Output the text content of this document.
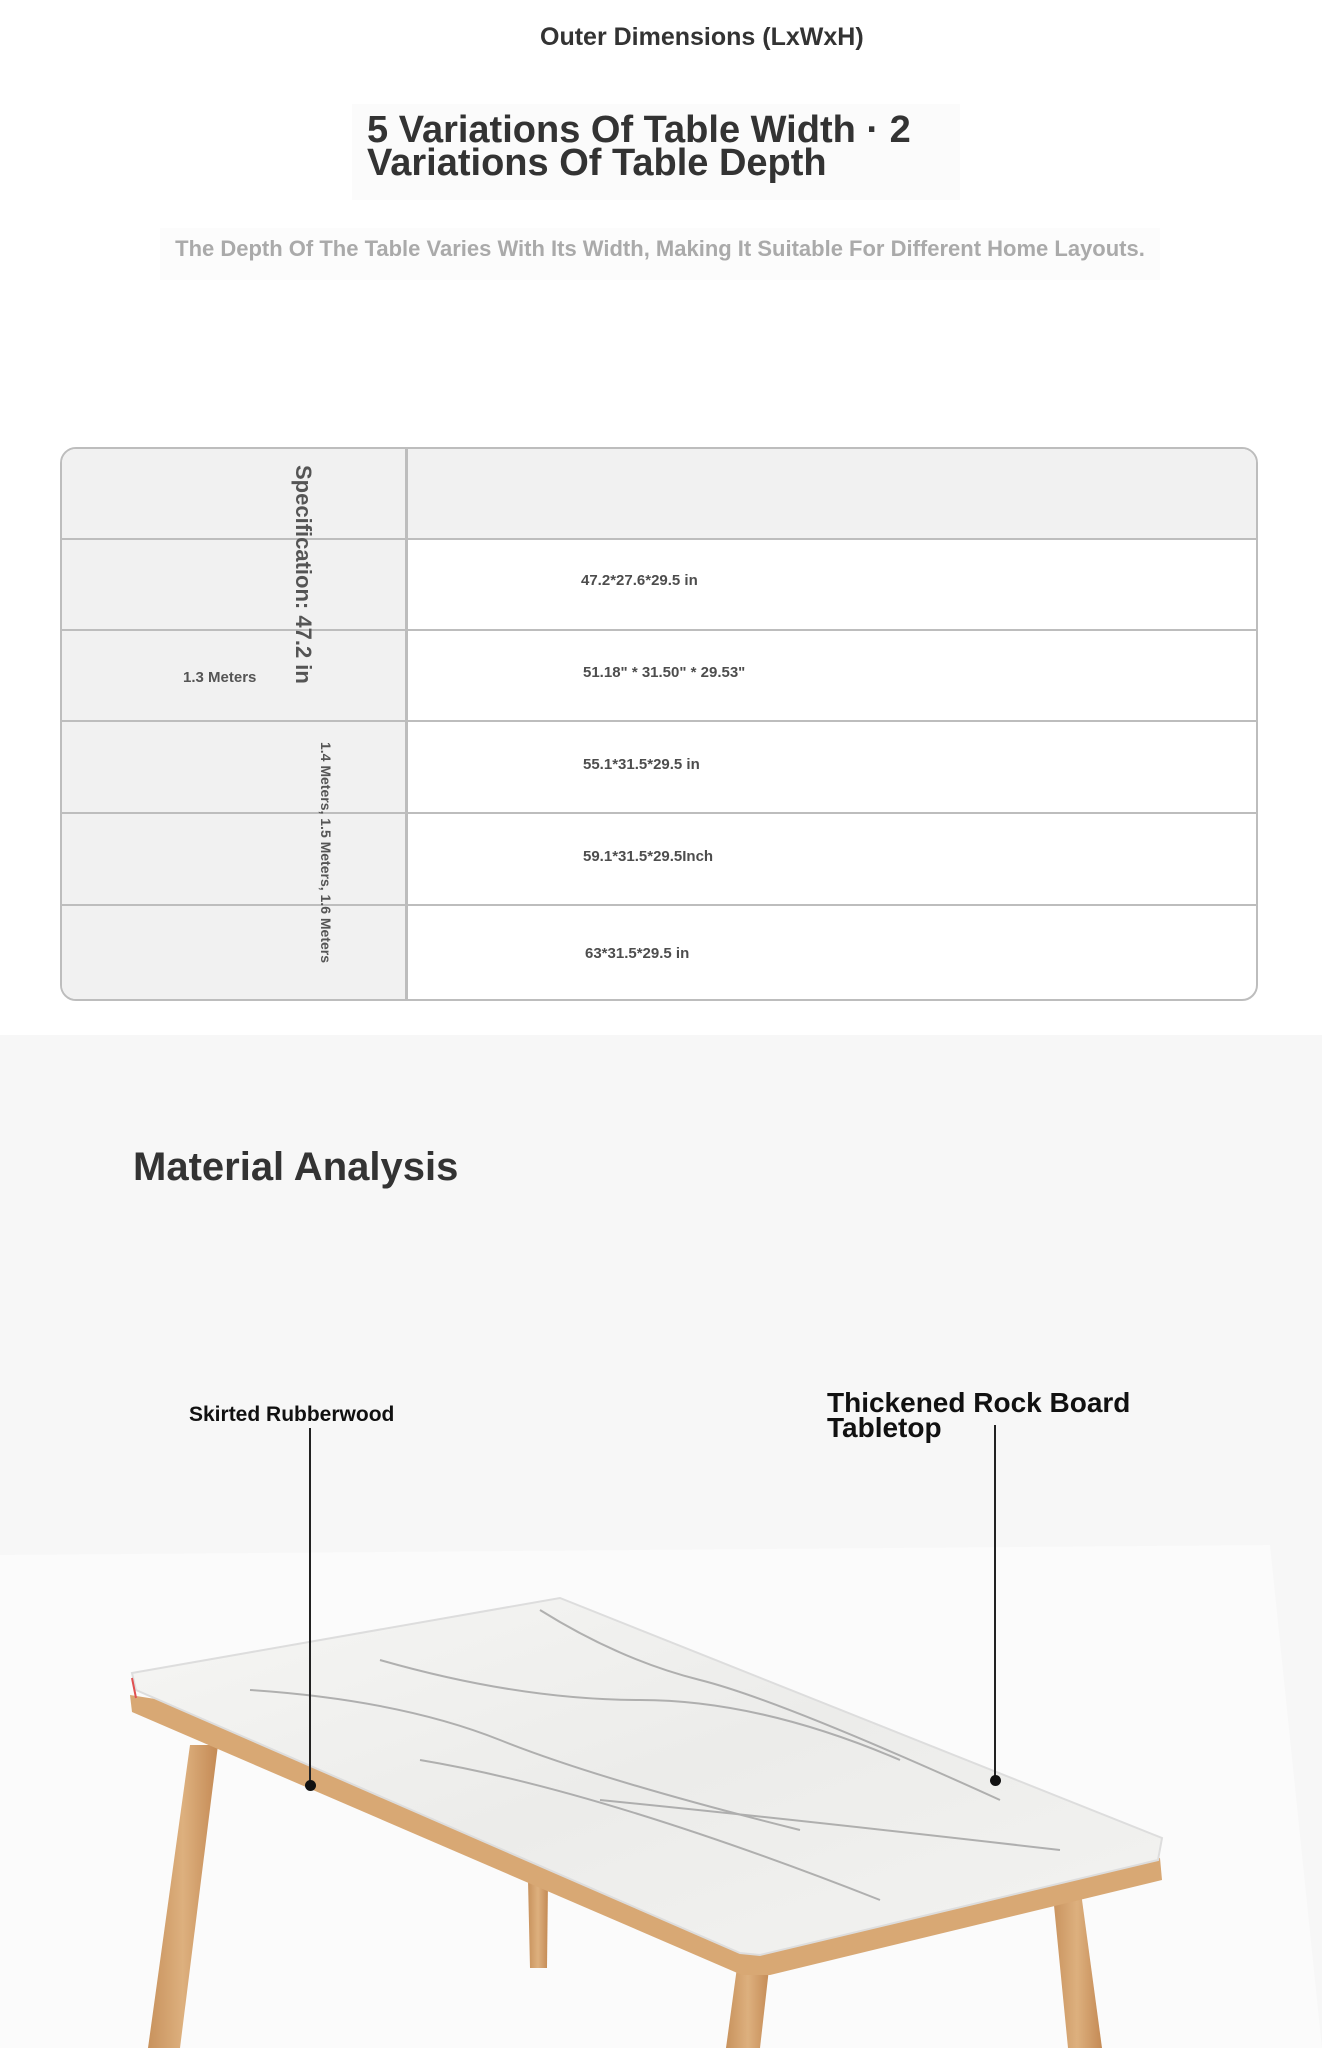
5 Variations Of Table Width · 2 Variations Of Table Depth

The Depth Of The Table Varies With Its Width, Making It Suitable For Different Home Layouts.

Outer Dimensions (LxWxH)
47.2*27.6*29.5 in
51.18" * 31.50" * 29.53"
55.1*31.5*29.5 in
59.1*31.5*29.5Inch
63*31.5*29.5 in
Specification: 47.2 in
1.3 Meters
1.4 Meters, 1.5 Meters, 1.6 Meters
Material Analysis
Skirted Rubberwood	Thickened Rock Board Tabletop
